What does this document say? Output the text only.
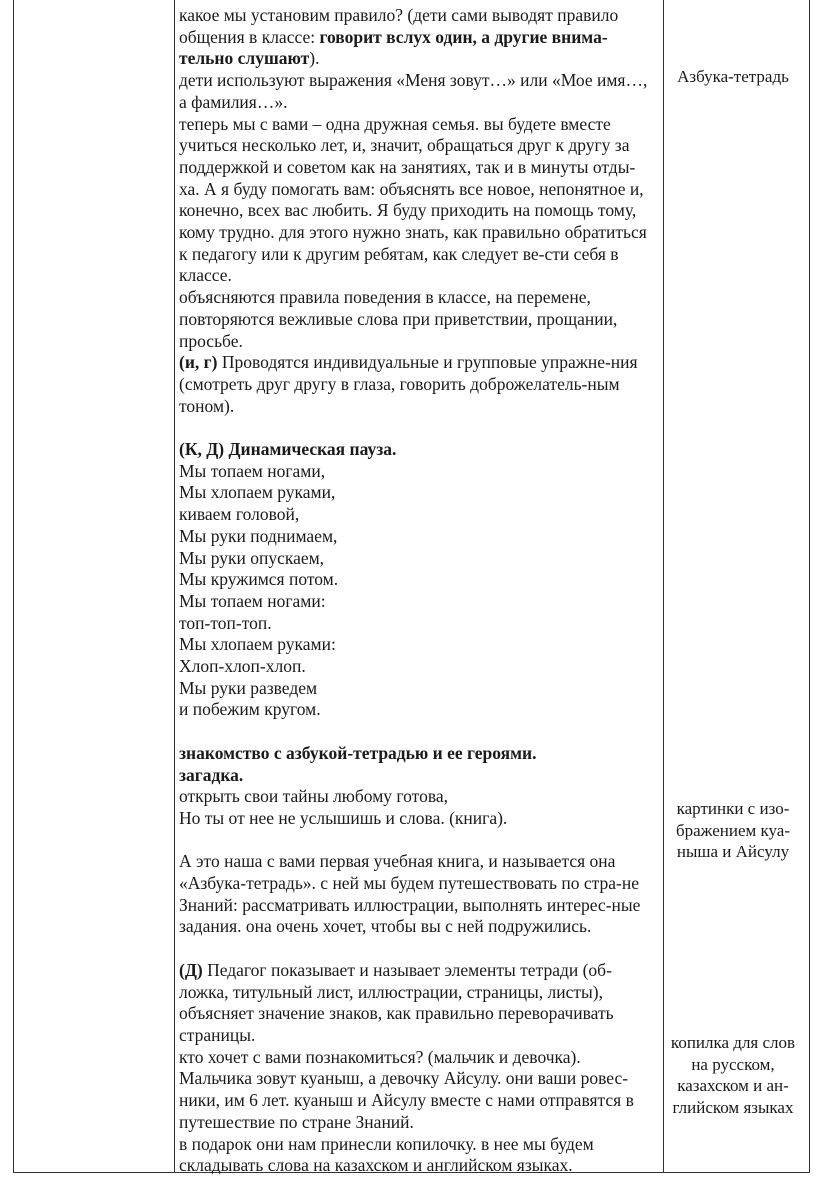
какое мы установим правило? (дети сами выводят правило общения в классе: говорит вслух один, а другие внима-тельно слушают).

дети используют выражения «Меня зовут…» или «Мое имя…, а фамилия…».

теперь мы с вами – одна дружная семья. вы будете вместе учиться несколько лет, и, значит, обращаться друг к другу за поддержкой и советом как на занятиях, так и в минуты отды-ха. А я буду помогать вам: объяснять все новое, непонятное и, конечно, всех вас любить. Я буду приходить на помощь тому, кому трудно. для этого нужно знать, как правильно обратиться к педагогу или к другим ребятам, как следует ве-сти себя в классе.

объясняются правила поведения в классе, на перемене, повторяются вежливые слова при приветствии, прощании, просьбе.

(и, г) Проводятся индивидуальные и групповые упражне-ния (смотреть друг другу в глаза, говорить доброжелатель-ным тоном).

(К, Д) Динамическая пауза.

Мы топаем ногами,

Мы хлопаем руками,

киваем головой,

Мы руки поднимаем,

Мы руки опускаем,

Мы кружимся потом.

Мы топаем ногами:

топ-топ-топ.

Мы хлопаем руками:

Хлоп-хлоп-хлоп.

Мы руки разведем

и побежим кругом.

знакомство с азбукой-тетрадью и ее героями.

загадка.

открыть свои тайны любому готова,

Но ты от нее не услышишь и слова. (книга).

А это наша с вами первая учебная книга, и называется она «Азбука-тетрадь». с ней мы будем путешествовать по стра-не Знаний: рассматривать иллюстрации, выполнять интерес-ные задания. она очень хочет, чтобы вы с ней подружились.

(Д) Педагог показывает и называет элементы тетради (об-ложка, титульный лист, иллюстрации, страницы, листы), объясняет значение знаков, как правильно переворачивать страницы.

кто хочет с вами познакомиться? (мальчик и девочка).

Мальчика зовут куаныш, а девочку Айсулу. они ваши ровес-ники, им 6 лет. куаныш и Айсулу вместе с нами отправятся в путешествие по стране Знаний.

в подарок они нам принесли копилочку. в нее мы будем складывать слова на казахском и английском языках.

Азбука-тетрадь

картинки с изо-бражением куа-ныша и Айсулу

копилка для слов на русском, казахском и ан-глийском языках
